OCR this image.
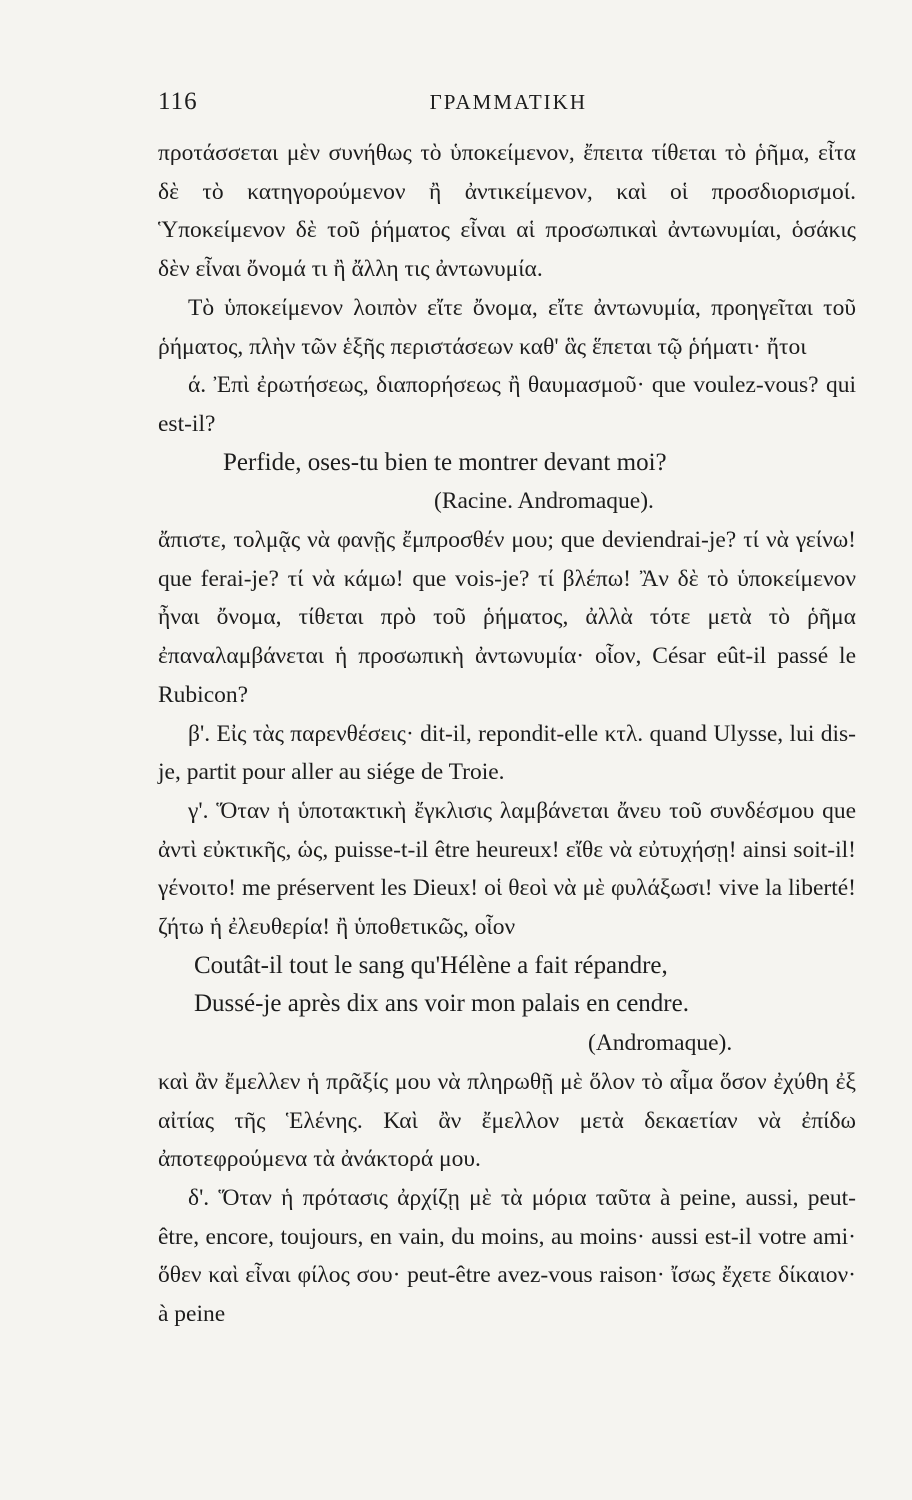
116	ΓΡΑΜΜΑΤΙΚΗ

προτάσσεται μὲν συνήθως τὸ ὑποκείμενον, ἔπειτα τίθεται τὸ ῥῆμα, εἶτα δὲ τὸ κατηγορούμενον ἢ ἀντικείμενον, καὶ οἱ προσδιορισμοί. Ὑποκείμενον δὲ τοῦ ῥήματος εἶναι αἱ προσωπικαὶ ἀντωνυμίαι, ὁσάκις δὲν εἶναι ὄνομά τι ἢ ἄλλη τις ἀντωνυμία.

Τὸ ὑποκείμενον λοιπὸν εἴτε ὄνομα, εἴτε ἀντωνυμία, προηγεῖται τοῦ ῥήματος, πλὴν τῶν ἑξῆς περιστάσεων καθ' ἃς ἕπεται τῷ ῥήματι· ἤτοι

ά. Ἐπὶ ἐρωτήσεως, διαπορήσεως ἢ θαυμασμοῦ· que voulez-vous? qui est-il?

Perfide, oses-tu bien te montrer devant moi?

(Racine. Andromaque).

ἄπιστε, τολμᾷς νὰ φανῇς ἔμπροσθέν μου; que deviendrai-je? τί νὰ γείνω! que ferai-je? τί νὰ κάμω! que vois-je? τί βλέπω! Ἂν δὲ τὸ ὑποκείμενον ἦναι ὄνομα, τίθεται πρὸ τοῦ ῥήματος, ἀλλὰ τότε μετὰ τὸ ῥῆμα ἐπαναλαμβάνεται ἡ προσωπικὴ ἀντωνυμία· οἷον, César eût-il passé le Rubicon?

β'. Εἰς τὰς παρενθέσεις· dit-il, repondit-elle κτλ. quand Ulysse, lui dis-je, partit pour aller au siége de Troie.

γ'. Ὅταν ἡ ὑποτακτικὴ ἔγκλισις λαμβάνεται ἄνευ τοῦ συνδέσμου que ἀντὶ εὐκτικῆς, ὡς, puisse-t-il être heureux! εἴθε νὰ εὐτυχήσῃ! ainsi soit-il! γένοιτο! me préservent les Dieux! οἱ θεοὶ νὰ μὲ φυλάξωσι! vive la liberté! ζήτω ἡ ἐλευθερία! ἢ ὑποθετικῶς, οἷον

Coutât-il tout le sang qu'Hélène a fait répandre,

Dussé-je après dix ans voir mon palais en cendre.

(Andromaque).

καὶ ἂν ἔμελλεν ἡ πρᾶξίς μου νὰ πληρωθῇ μὲ ὅλον τὸ αἷμα ὅσον ἐχύθη ἐξ αἰτίας τῆς Ἑλένης. Καὶ ἂν ἔμελλον μετὰ δεκαετίαν νὰ ἐπίδω ἀποτεφρούμενα τὰ ἀνάκτορά μου.

δ'. Ὅταν ἡ πρότασις ἀρχίζῃ μὲ τὰ μόρια ταῦτα à peine, aussi, peut-être, encore, toujours, en vain, du moins, au moins· aussi est-il votre ami· ὅθεν καὶ εἶναι φίλος σου· peut-être avez-vous raison· ἴσως ἔχετε δίκαιον· à peine
